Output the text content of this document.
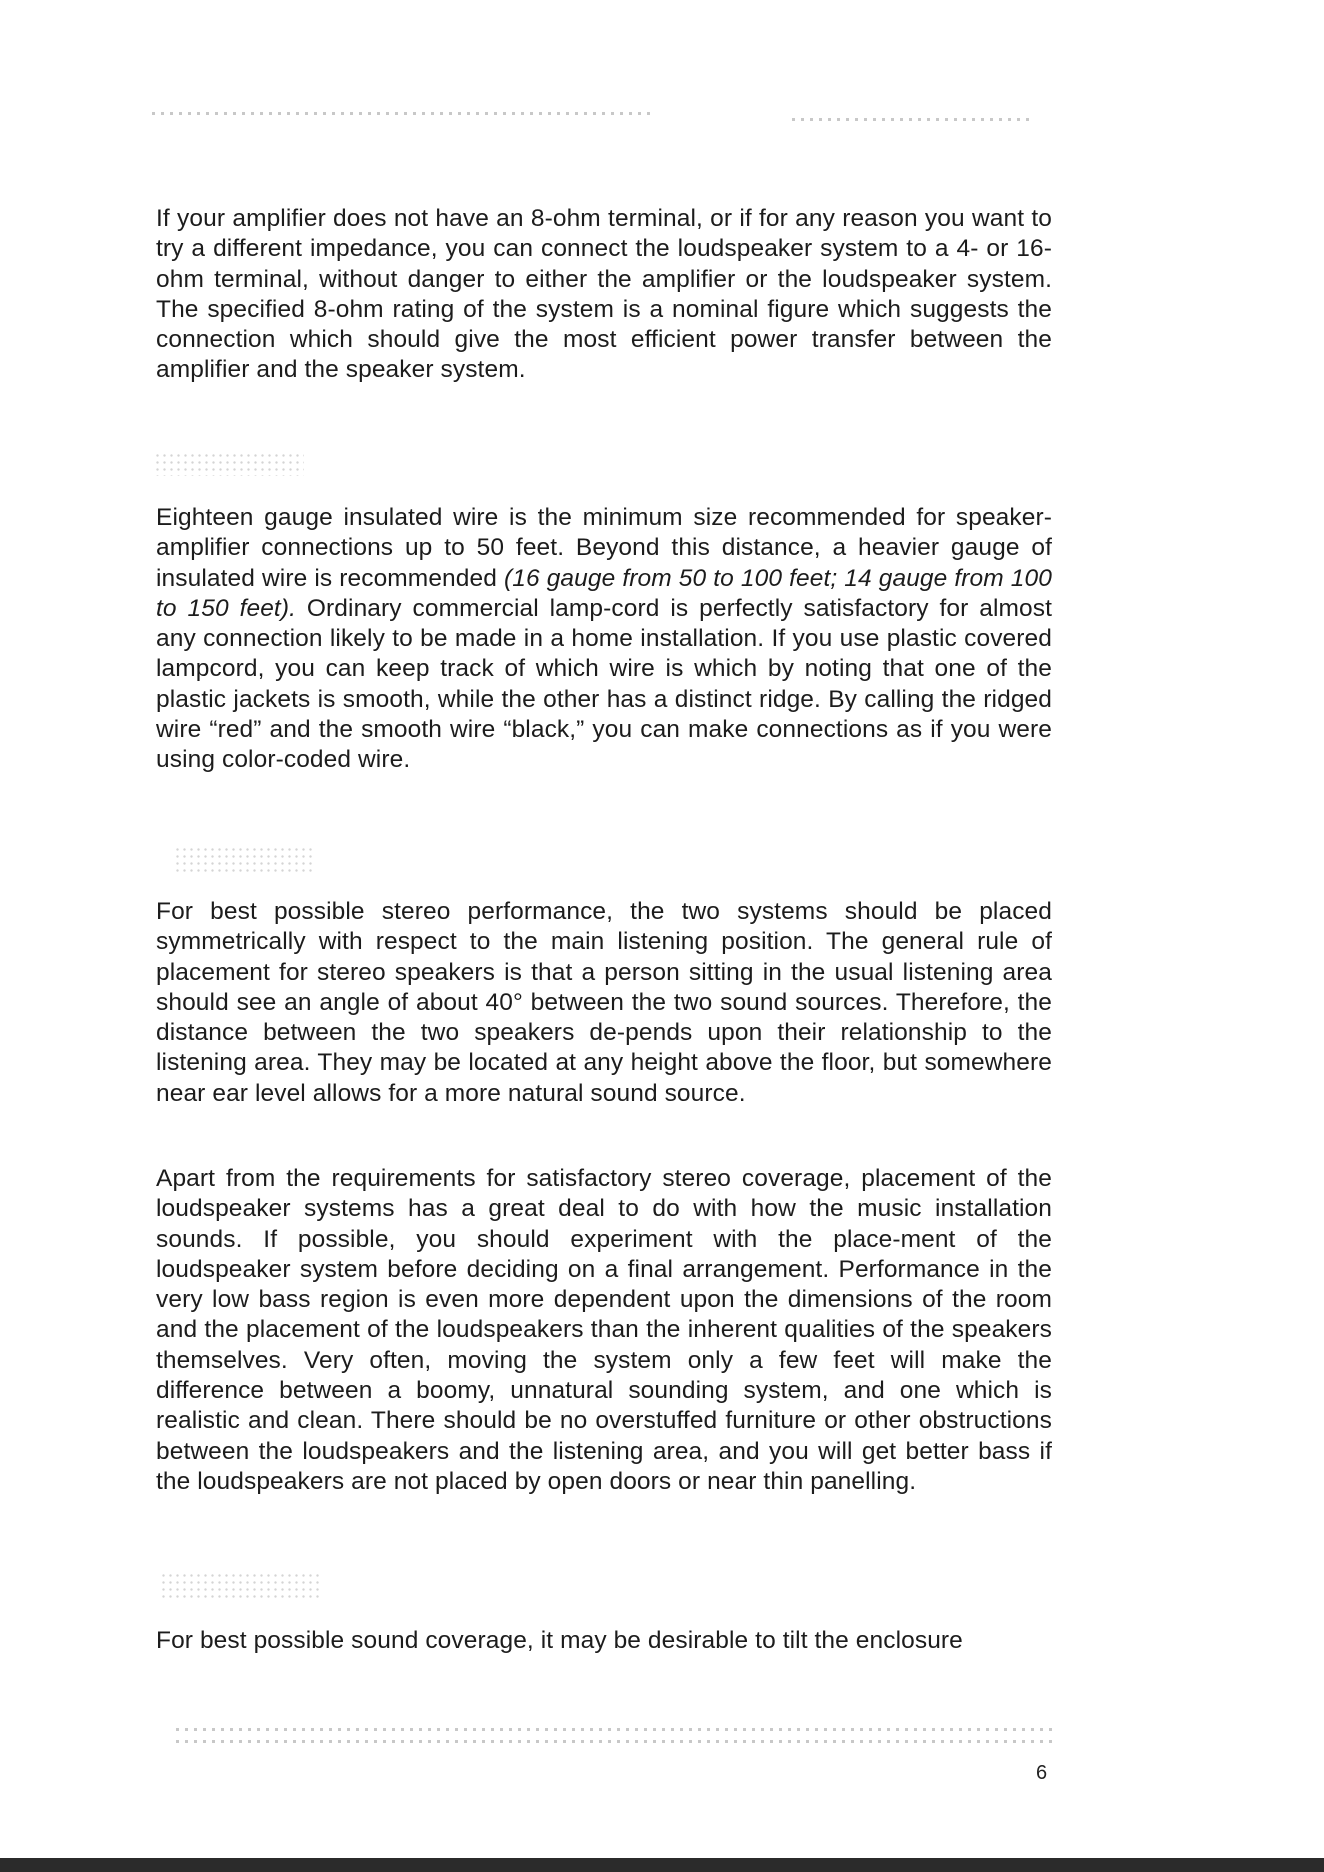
If your amplifier does not have an 8-ohm terminal, or if for any reason you want to try a different impedance, you can connect the loudspeaker system to a 4- or 16-ohm terminal, without danger to either the amplifier or the loudspeaker system. The specified 8-ohm rating of the system is a nominal figure which suggests the connection which should give the most efficient power transfer between the amplifier and the speaker system.

Eighteen gauge insulated wire is the minimum size recommended for speaker-amplifier connections up to 50 feet. Beyond this distance, a heavier gauge of insulated wire is recommended (16 gauge from 50 to 100 feet; 14 gauge from 100 to 150 feet). Ordinary commercial lamp-cord is perfectly satisfactory for almost any connection likely to be made in a home installation. If you use plastic covered lampcord, you can keep track of which wire is which by noting that one of the plastic jackets is smooth, while the other has a distinct ridge. By calling the ridged wire “red” and the smooth wire “black,” you can make connections as if you were using color-coded wire.

For best possible stereo performance, the two systems should be placed symmetrically with respect to the main listening position. The general rule of placement for stereo speakers is that a person sitting in the usual listening area should see an angle of about 40° between the two sound sources. Therefore, the distance between the two speakers de-pends upon their relationship to the listening area. They may be located at any height above the floor, but somewhere near ear level allows for a more natural sound source.

Apart from the requirements for satisfactory stereo coverage, placement of the loudspeaker systems has a great deal to do with how the music installation sounds. If possible, you should experiment with the place-ment of the loudspeaker system before deciding on a final arrangement. Performance in the very low bass region is even more dependent upon the dimensions of the room and the placement of the loudspeakers than the inherent qualities of the speakers themselves. Very often, moving the system only a few feet will make the difference between a boomy, unnatural sounding system, and one which is realistic and clean. There should be no overstuffed furniture or other obstructions between the loudspeakers and the listening area, and you will get better bass if the loudspeakers are not placed by open doors or near thin panelling.

For best possible sound coverage, it may be desirable to tilt the enclosure

6
